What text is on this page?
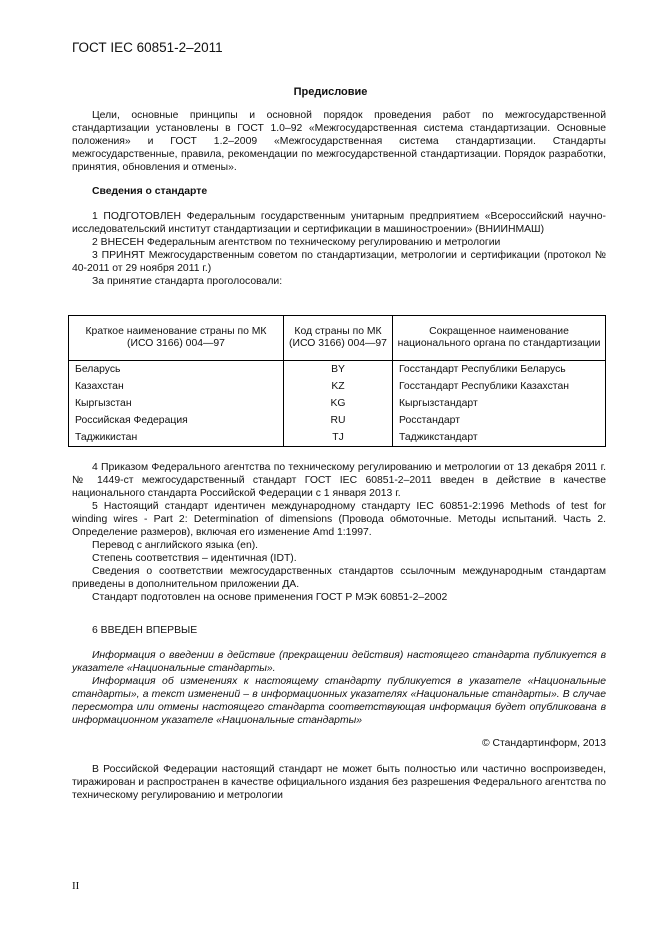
ГОСТ IEC 60851-2–2011
Предисловие

Цели, основные принципы и основной порядок проведения работ по межгосударственной стандартизации установлены в ГОСТ 1.0–92 «Межгосударственная система стандартизации. Основные положения» и ГОСТ 1.2–2009 «Межгосударственная система стандартизации. Стандарты межгосударственные, правила, рекомендации по межгосударственной стандартизации. Порядок разработки, принятия, обновления и отмены».

Сведения о стандарте

1 ПОДГОТОВЛЕН Федеральным государственным унитарным предприятием «Всероссийский научно-исследовательский институт стандартизации и сертификации в машиностроении» (ВНИИНМАШ)

2 ВНЕСЕН Федеральным агентством по техническому регулированию и метрологии

3 ПРИНЯТ Межгосударственным советом по стандартизации, метрологии и сертификации (протокол № 40-2011 от 29 ноября 2011 г.)

За принятие стандарта проголосовали:

Краткое наименование страны по МК (ИСО 3166) 004—97	Код страны по МК (ИСО 3166) 004—97	Сокращенное наименование национального органа по стандартизации
Беларусь	BY	Госстандарт Республики Беларусь
Казахстан	KZ	Госстандарт Республики Казахстан
Кыргызстан	KG	Кыргызстандарт
Российская Федерация	RU	Росстандарт
Таджикистан	TJ	Таджикстандарт

4 Приказом Федерального агентства по техническому регулированию и метрологии от 13 декабря 2011 г. № 1449-ст межгосударственный стандарт ГОСТ IEC 60851-2–2011 введен в действие в качестве национального стандарта Российской Федерации с 1 января 2013 г.

5 Настоящий стандарт идентичен международному стандарту IEC 60851-2:1996 Methods of test for winding wires - Part 2: Determination of dimensions (Провода обмоточные. Методы испытаний. Часть 2. Определение размеров), включая его изменение Amd 1:1997.

Перевод с английского языка (en).

Степень соответствия – идентичная (IDT).

Сведения о соответствии межгосударственных стандартов ссылочным международным стандартам приведены в дополнительном приложении ДА.

Стандарт подготовлен на основе применения ГОСТ Р МЭК 60851-2–2002

6 ВВЕДЕН ВПЕРВЫЕ

Информация о введении в действие (прекращении действия) настоящего стандарта публикуется в указателе «Национальные стандарты».

Информация об изменениях к настоящему стандарту публикуется в указателе «Национальные стандарты», а текст изменений – в информационных указателях «Национальные стандарты». В случае пересмотра или отмены настоящего стандарта соответствующая информация будет опубликована в информационном указателе «Национальные стандарты»

© Стандартинформ, 2013

В Российской Федерации настоящий стандарт не может быть полностью или частично воспроизведен, тиражирован и распространен в качестве официального издания без разрешения Федерального агентства по техническому регулированию и метрологии

II
